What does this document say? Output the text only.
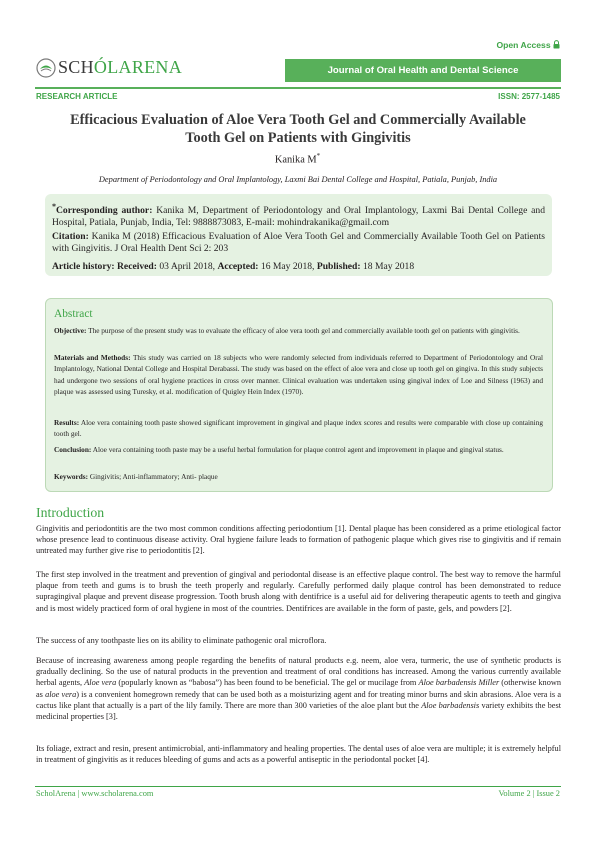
SCHÓLARENA
Open Access
Journal of Oral Health and Dental Science
RESEARCH ARTICLE	ISSN: 2577-1485
Efficacious Evaluation of Aloe Vera Tooth Gel and Commercially Available
Tooth Gel on Patients with Gingivitis
Kanika M*
Department of Periodontology and Oral Implantology, Laxmi Bai Dental College and Hospital, Patiala, Punjab, India
*Corresponding author: Kanika M, Department of Periodontology and Oral Implantology, Laxmi Bai Dental College and Hospital, Patiala, Punjab, India, Tel: 9888873083, E-mail: mohindrakanika@gmail.com
Citation: Kanika M (2018) Efficacious Evaluation of Aloe Vera Tooth Gel and Commercially Available Tooth Gel on Patients with Gingivitis. J Oral Health Dent Sci 2: 203
Article history: Received: 03 April 2018, Accepted: 16 May 2018, Published: 18 May 2018
Abstract
Objective: The purpose of the present study was to evaluate the efficacy of aloe vera tooth gel and commercially available tooth gel on patients with gingivitis.
Materials and Methods: This study was carried on 18 subjects who were randomly selected from individuals referred to Department of Periodontology and Oral Implantology, National Dental College and Hospital Derabassi. The study was based on the effect of aloe vera and close up tooth gel on gingiva. In this study subjects had undergone two sessions of oral hygiene practices in cross over manner. Clinical evaluation was undertaken using gingival index of Loe and Silness (1963) and plaque was assessed using Turesky, et al. modification of Quigley Hein Index (1970).
Results: Aloe vera containing tooth paste showed significant improvement in gingival and plaque index scores and results were comparable with close up containing tooth gel.
Conclusion: Aloe vera containing tooth paste may be a useful herbal formulation for plaque control agent and improvement in plaque and gingival status.
Keywords: Gingivitis; Anti-inflammatory; Anti- plaque
Introduction
Gingivitis and periodontitis are the two most common conditions affecting periodontium [1]. Dental plaque has been considered as a prime etiological factor whose presence lead to continuous disease activity. Oral hygiene failure leads to formation of pathogenic plaque which gives rise to gingivitis and if remain untreated may further give rise to periodontitis [2].
The first step involved in the treatment and prevention of gingival and periodontal disease is an effective plaque control. The best way to remove the harmful plaque from teeth and gums is to brush the teeth properly and regularly. Carefully performed daily plaque control has been demonstrated to reduce supragingival plaque and prevent disease progression. Tooth brush along with dentifrice is a useful aid for delivering therapeutic agents to teeth and gingiva and is most widely practiced form of oral hygiene in most of the countries. Dentifrices are available in the form of paste, gels, and powders [2].
The success of any toothpaste lies on its ability to eliminate pathogenic oral microflora.
Because of increasing awareness among people regarding the benefits of natural products e.g. neem, aloe vera, turmeric, the use of synthetic products is gradually declining. So the use of natural products in the prevention and treatment of oral conditions has increased. Among the various currently available herbal agents, Aloe vera (popularly known as “babosa”) has been found to be beneficial. The gel or mucilage from Aloe barbadensis Miller (otherwise known as aloe vera) is a convenient homegrown remedy that can be used both as a moisturizing agent and for treating minor burns and skin abrasions. Aloe vera is a cactus like plant that actually is a part of the lily family. There are more than 300 varieties of the aloe plant but the Aloe barbadensis variety exhibits the best medicinal properties [3].
Its foliage, extract and resin, present antimicrobial, anti-inflammatory and healing properties. The dental uses of aloe vera are multiple; it is extremely helpful in treatment of gingivitis as it reduces bleeding of gums and acts as a powerful antiseptic in the periodontal pocket [4].
ScholArena | www.scholarena.com	Volume 2 | Issue 2
